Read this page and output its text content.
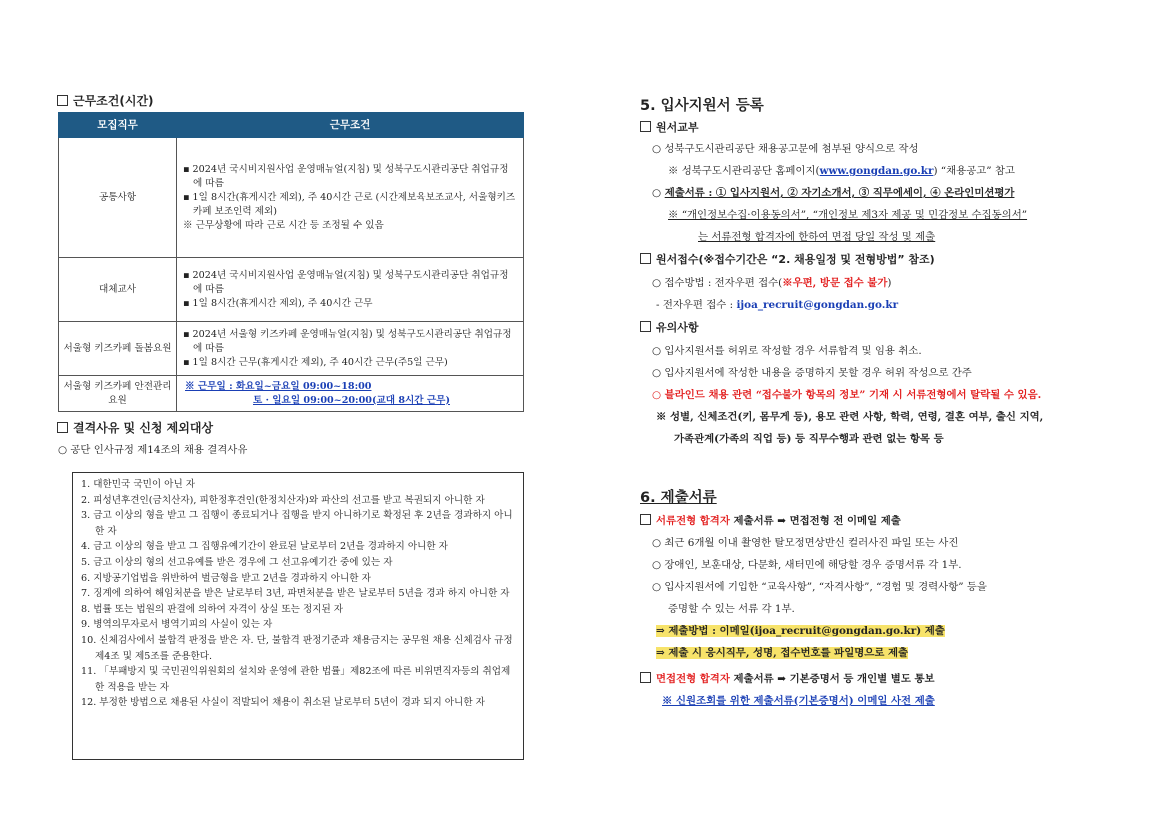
근무조건(시간)
모집직무	근무조건
공통사항	▪ 2024년 국시비지원사업 운영매뉴얼(지침) 및 성북구도시관리공단 취업규정에 따름
▪ 1일 8시간(휴게시간 제외), 주 40시간 근로 (시간제보육보조교사, 서울형키즈카페 보조인력 제외)
※ 근무상황에 따라 근로 시간 등 조정될 수 있음

대체교사	▪ 2024년 국시비지원사업 운영매뉴얼(지침) 및 성북구도시관리공단 취업규정에 따름
▪ 1일 8시간(휴게시간 제외), 주 40시간 근무

서울형 키즈카페 돌봄요원	▪ 2024년 서울형 키즈카페 운영매뉴얼(지침) 및 성북구도시관리공단 취업규정에 따름
▪ 1일 8시간 근무(휴게시간 제외), 주 40시간 근무(주5일 근무)

서울형 키즈카페 안전관리요원	※ 근무일 : 화요일~금요일 09:00~18:00
토 · 일요일 09:00~20:00(교대 8시간 근무)
결격사유 및 신청 제외대상
○ 공단 인사규정 제14조의 채용 결격사유
1. 대한민국 국민이 아닌 자
2. 피성년후견인(금치산자), 피한정후견인(한정치산자)와 파산의 선고를 받고 복권되지 아니한 자
3. 금고 이상의 형을 받고 그 집행이 종료되거나 집행을 받지 아니하기로 확정된 후 2년을 경과하지 아니한 자
4. 금고 이상의 형을 받고 그 집행유예기간이 완료된 날로부터 2년을 경과하지 아니한 자
5. 금고 이상의 형의 선고유예를 받은 경우에 그 선고유예기간 중에 있는 자
6. 지방공기업법을 위반하여 벌금형을 받고 2년을 경과하지 아니한 자
7. 징계에 의하여 해임처분을 받은 날로부터 3년, 파면처분을 받은 날로부터 5년을 경과 하지 아니한 자
8. 법률 또는 법원의 판결에 의하여 자격이 상실 또는 정지된 자
9. 병역의무자로서 병역기피의 사실이 있는 자
10. 신체검사에서 불합격 판정을 받은 자. 단, 불합격 판정기준과 채용금지는 공무원 채용 신체검사 규정 제4조 및 제5조를 준용한다.
11. 「부패방지 및 국민권익위원회의 설치와 운영에 관한 법률」제82조에 따른 비위면직자등의 취업제한 적용을 받는 자
12. 부정한 방법으로 채용된 사실이 적발되어 채용이 취소된 날로부터 5년이 경과 되지 아니한 자
5. 입사지원서 등록
원서교부
○ 성북구도시관리공단 채용공고문에 첨부된 양식으로 작성
※ 성북구도시관리공단 홈페이지(www.gongdan.go.kr) “채용공고” 참고
○ 제출서류 : ① 입사지원서, ② 자기소개서, ③ 직무에세이, ④ 온라인미션평가
※ “개인정보수집·이용동의서”, “개인정보 제3자 제공 및 민감정보 수집동의서”
는 서류전형 합격자에 한하여 면접 당일 작성 및 제출
원서접수(※접수기간은 “2. 채용일정 및 전형방법” 참조)
○ 접수방법 : 전자우편 접수(※우편, 방문 접수 불가)
- 전자우편 접수 : ijoa_recruit@gongdan.go.kr
유의사항
○ 입사지원서를 허위로 작성할 경우 서류합격 및 임용 취소.
○ 입사지원서에 작성한 내용을 증명하지 못할 경우 허위 작성으로 간주
○ 블라인드 채용 관련 “접수불가 항목의 정보” 기재 시 서류전형에서 탈락될 수 있음.
※ 성별, 신체조건(키, 몸무게 등), 용모 관련 사항, 학력, 연령, 결혼 여부, 출신 지역,
가족관계(가족의 직업 등) 등 직무수행과 관련 없는 항목 등
6. 제출서류
서류전형 합격자 제출서류 ➡ 면접전형 전 이메일 제출
○ 최근 6개월 이내 촬영한 탈모정면상반신 컬러사진 파일 또는 사진
○ 장애인, 보훈대상, 다문화, 새터민에 해당할 경우 증명서류 각 1부.
○ 입사지원서에 기입한 “교육사항”, “자격사항”, “경험 및 경력사항” 등을
증명할 수 있는 서류 각 1부.
⇒ 제출방법 : 이메일(ijoa_recruit@gongdan.go.kr) 제출
⇒ 제출 시 응시직무, 성명, 접수번호를 파일명으로 제출
면접전형 합격자 제출서류 ➡ 기본증명서 등 개인별 별도 통보
※ 신원조회를 위한 제출서류(기본증명서) 이메일 사전 제출
